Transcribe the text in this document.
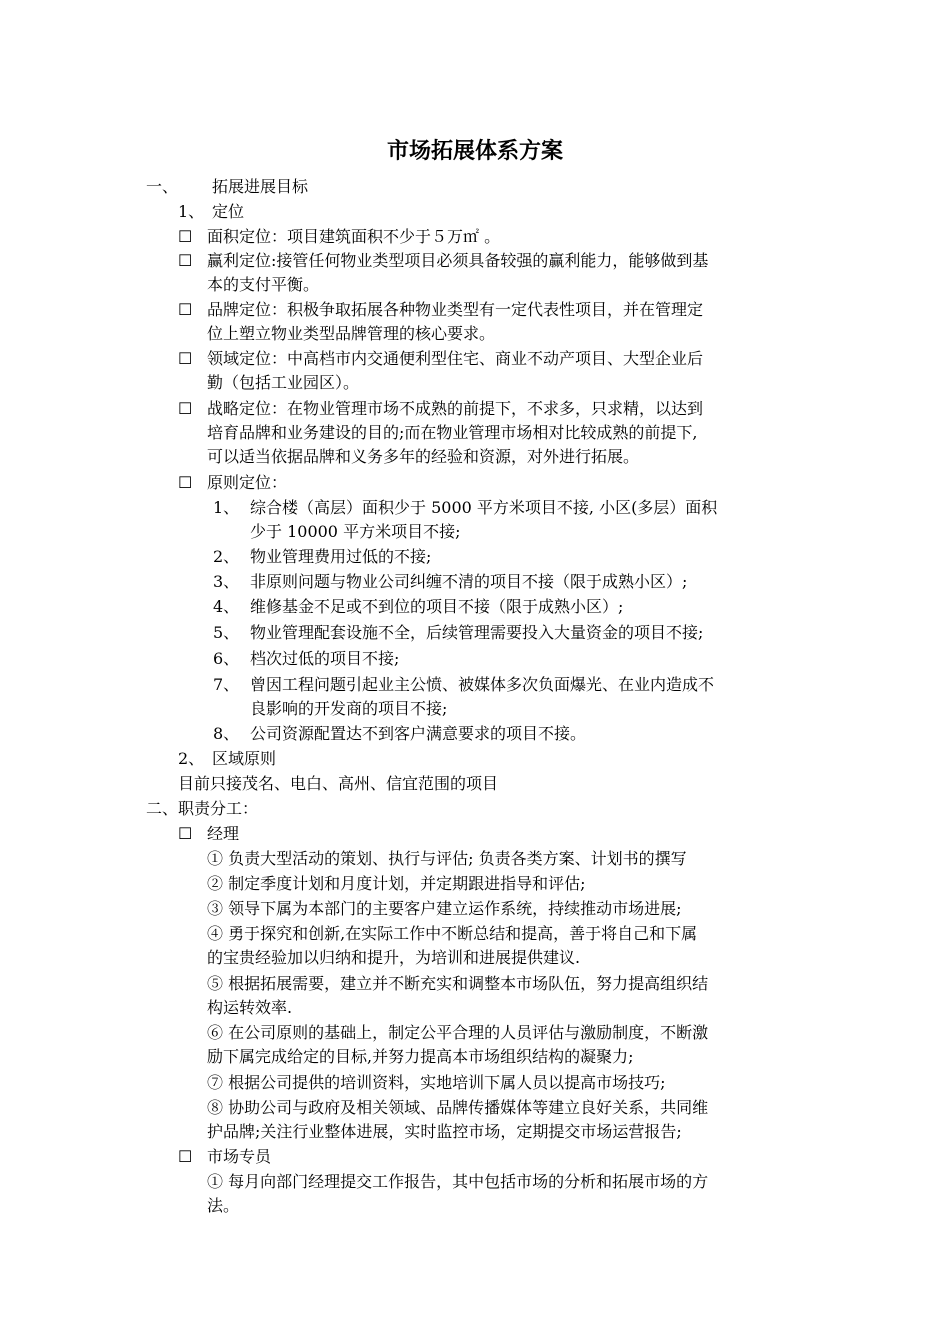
市场拓展体系方案
一、 拓展进展目标
1、 定位
☐ 面积定位：项目建筑面积不少于５万㎡ 。
☐ 赢利定位:接管任何物业类型项目必须具备较强的赢利能力，能够做到基
本的支付平衡。
☐ 品牌定位：积极争取拓展各种物业类型有一定代表性项目，并在管理定
位上塑立物业类型品牌管理的核心要求。
☐ 领域定位：中高档市内交通便利型住宅、商业不动产项目、大型企业后
勤（包括工业园区）。
☐ 战略定位：在物业管理市场不成熟的前提下，不求多，只求精，以达到
培育品牌和业务建设的目的;而在物业管理市场相对比较成熟的前提下,
可以适当依据品牌和义务多年的经验和资源，对外进行拓展。
☐ 原则定位：
1、 综合楼（高层）面积少于 5000 平方米项目不接, 小区(多层）面积
少于 10000 平方米项目不接;
2、 物业管理费用过低的不接;
3、 非原则问题与物业公司纠缠不清的项目不接（限于成熟小区）;
4、 维修基金不足或不到位的项目不接（限于成熟小区）;
5、 物业管理配套设施不全，后续管理需要投入大量资金的项目不接;
6、 档次过低的项目不接;
7、 曾因工程问题引起业主公愤、被媒体多次负面爆光、在业内造成不
良影响的开发商的项目不接;
8、 公司资源配置达不到客户满意要求的项目不接。
2、 区域原则
目前只接茂名、电白、高州、信宜范围的项目
二、职责分工：
☐ 经理
① 负责大型活动的策划、执行与评估; 负责各类方案、计划书的撰写
② 制定季度计划和月度计划，并定期跟进指导和评估;
③ 领导下属为本部门的主要客户建立运作系统，持续推动市场进展;
④ 勇于探究和创新,在实际工作中不断总结和提高，善于将自己和下属
的宝贵经验加以归纳和提升，为培训和进展提供建议.
⑤ 根据拓展需要，建立并不断充实和调整本市场队伍，努力提高组织结
构运转效率.
⑥ 在公司原则的基础上，制定公平合理的人员评估与激励制度，不断激
励下属完成给定的目标,并努力提高本市场组织结构的凝聚力;
⑦ 根据公司提供的培训资料，实地培训下属人员以提高市场技巧;
⑧ 协助公司与政府及相关领域、品牌传播媒体等建立良好关系，共同维
护品牌;关注行业整体进展，实时监控市场，定期提交市场运营报告;
☐ 市场专员
① 每月向部门经理提交工作报告，其中包括市场的分析和拓展市场的方
法。
